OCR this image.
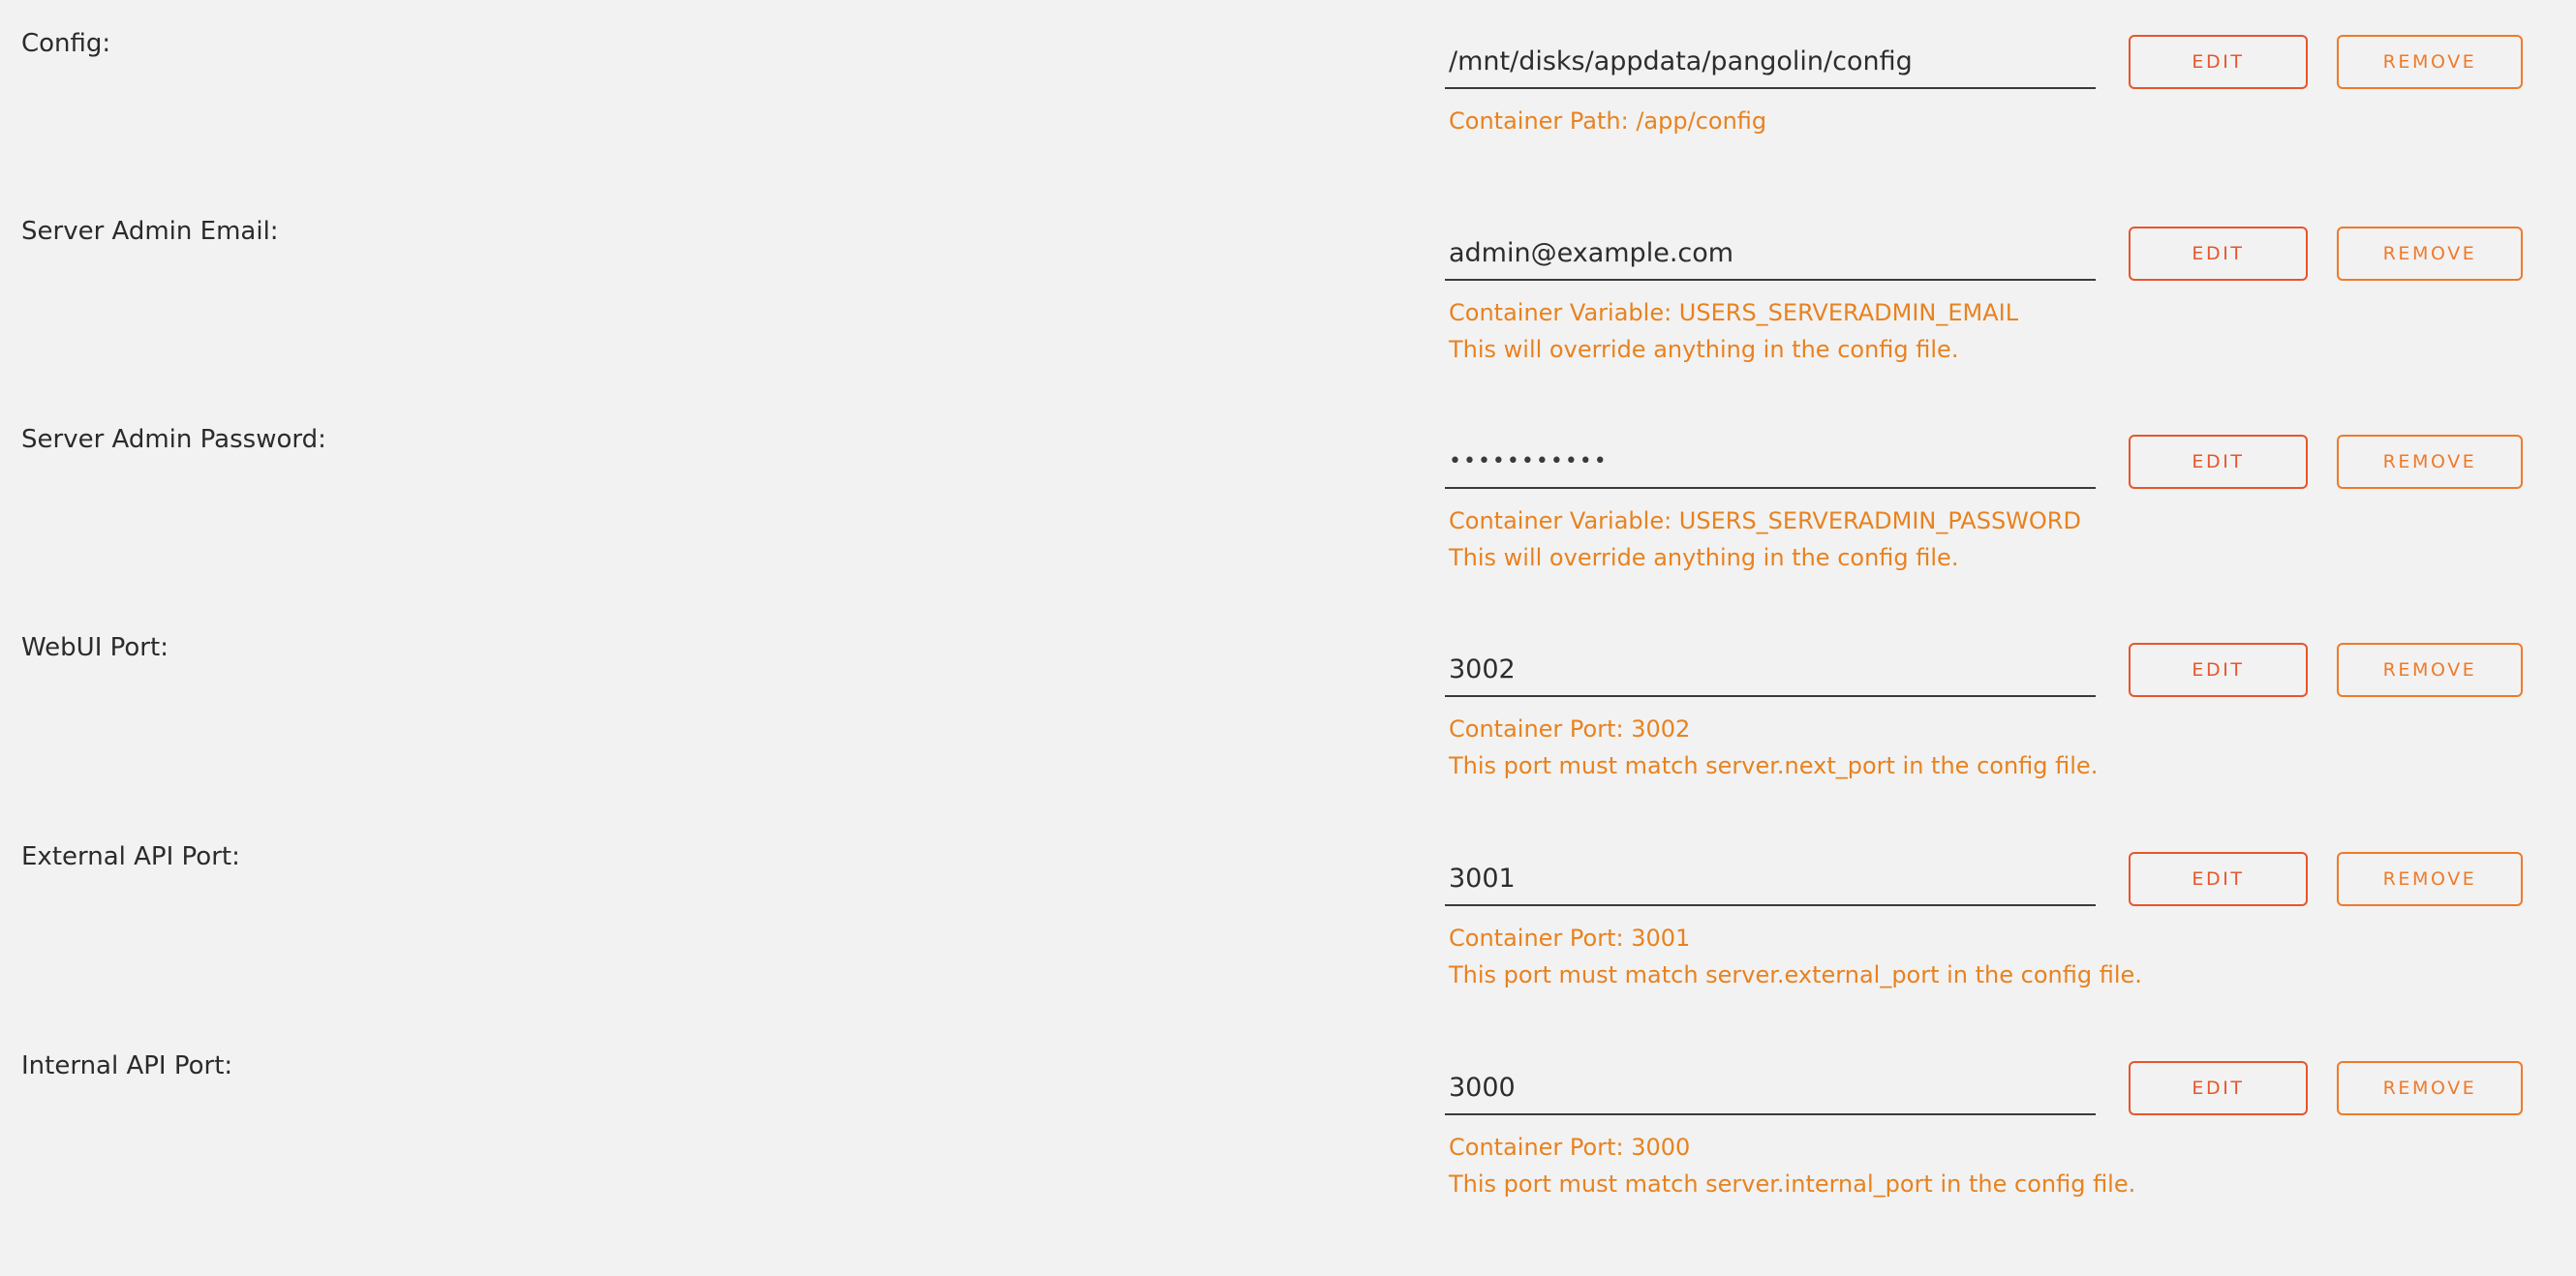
Config:
/mnt/disks/appdata/pangolin/config	EDIT	REMOVE
Container Path: /app/config
Server Admin Email:
admin@example.com	EDIT	REMOVE
Container Variable: USERS_SERVERADMIN_EMAIL
This will override anything in the config file.
Server Admin Password:
•••••••••••	EDIT	REMOVE
Container Variable: USERS_SERVERADMIN_PASSWORD
This will override anything in the config file.
WebUI Port:
3002	EDIT	REMOVE
Container Port: 3002
This port must match server.next_port in the config file.
External API Port:
3001	EDIT	REMOVE
Container Port: 3001
This port must match server.external_port in the config file.
Internal API Port:
3000	EDIT	REMOVE
Container Port: 3000
This port must match server.internal_port in the config file.
